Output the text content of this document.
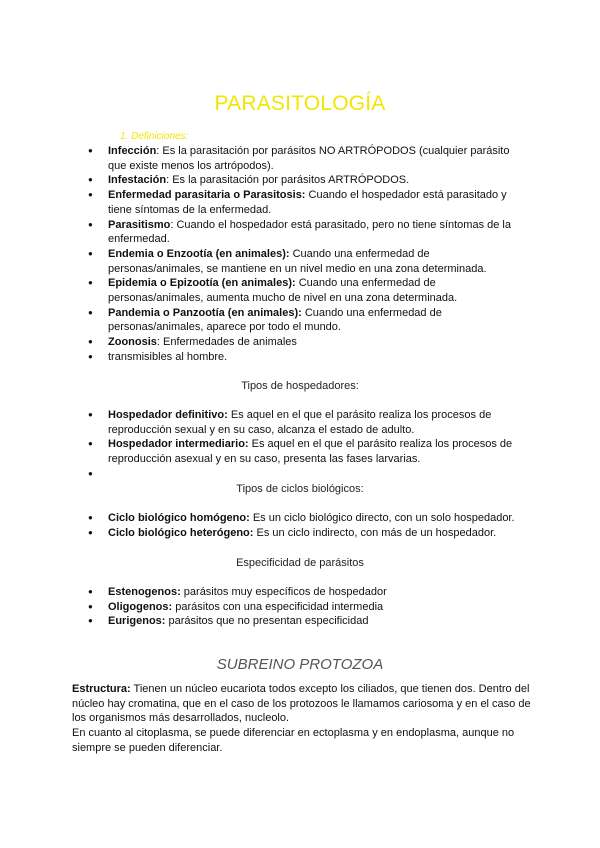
PARASITOLOGÍA
1. Definiciones:
● Infección: Es la parasitación por parásitos NO ARTRÓPODOS (cualquier parásito que existe menos los artrópodos).
● Infestación: Es la parasitación por parásitos ARTRÓPODOS.
● Enfermedad parasitaria o Parasitosis: Cuando el hospedador está parasitado y tiene síntomas de la enfermedad.
● Parasitismo: Cuando el hospedador está parasitado, pero no tiene síntomas de la enfermedad.
● Endemia o Enzootía (en animales): Cuando una enfermedad de personas/animales, se mantiene en un nivel medio en una zona determinada.
● Epidemia o Epizootía (en animales): Cuando una enfermedad de personas/animales, aumenta mucho de nivel en una zona determinada.
● Pandemia o Panzootía (en animales): Cuando una enfermedad de personas/animales, aparece por todo el mundo.
● Zoonosis: Enfermedades de animales
● transmisibles al hombre.
Tipos de hospedadores:
● Hospedador definitivo: Es aquel en el que el parásito realiza los procesos de reproducción sexual y en su caso, alcanza el estado de adulto.
● Hospedador intermediario: Es aquel en el que el parásito realiza los procesos de reproducción asexual y en su caso, presenta las fases larvarias.
●
Tipos de ciclos biológicos:
● Ciclo biológico homógeno: Es un ciclo biológico directo, con un solo hospedador.
● Ciclo biológico heterógeno: Es un ciclo indirecto, con más de un hospedador.
Especificidad de parásitos
● Estenogenos: parásitos muy específicos de hospedador
● Oligogenos: parásitos con una especificidad intermedia
● Eurigenos: parásitos que no presentan especificidad
SUBREINO PROTOZOA

Estructura: Tienen un núcleo eucariota todos excepto los ciliados, que tienen dos. Dentro del núcleo hay cromatina, que en el caso de los protozoos le llamamos cariosoma y en el caso de los organismos más desarrollados, nucleolo.

En cuanto al citoplasma, se puede diferenciar en ectoplasma y en endoplasma, aunque no siempre se pueden diferenciar.
